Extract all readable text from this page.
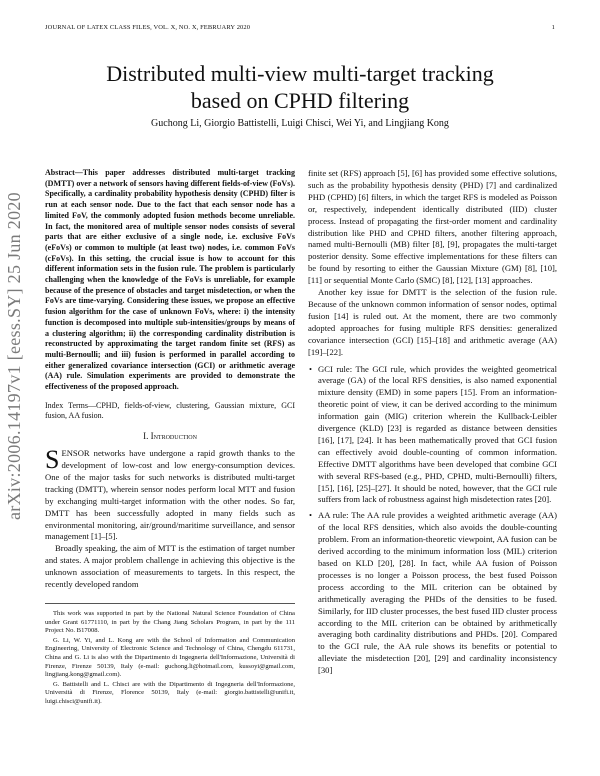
JOURNAL OF LATEX CLASS FILES, VOL. X, NO. X, FEBRUARY 2020	1
arXiv:2006.14197v1 [eess.SY] 25 Jun 2020
Distributed multi-view multi-target tracking
based on CPHD filtering
Guchong Li, Giorgio Battistelli, Luigi Chisci, Wei Yi, and Lingjiang Kong
Abstract—This paper addresses distributed multi-target tracking (DMTT) over a network of sensors having different fields-of-view (FoVs). Specifically, a cardinality probability hypothesis density (CPHD) filter is run at each sensor node. Due to the fact that each sensor node has a limited FoV, the commonly adopted fusion methods become unreliable. In fact, the monitored area of multiple sensor nodes consists of several parts that are either exclusive of a single node, i.e. exclusive FoVs (eFoVs) or common to multiple (at least two) nodes, i.e. common FoVs (cFoVs). In this setting, the crucial issue is how to account for this different information sets in the fusion rule. The problem is particularly challenging when the knowledge of the FoVs is unreliable, for example because of the presence of obstacles and target misdetection, or when the FoVs are time-varying. Considering these issues, we propose an effective fusion algorithm for the case of unknown FoVs, where: i) the intensity function is decomposed into multiple sub-intensities/groups by means of a clustering algorithm; ii) the corresponding cardinality distribution is reconstructed by approximating the target random finite set (RFS) as multi-Bernoulli; and iii) fusion is performed in parallel according to either generalized covariance intersection (GCI) or arithmetic average (AA) rule. Simulation experiments are provided to demonstrate the effectiveness of the proposed approach.
Index Terms—CPHD, fields-of-view, clustering, Gaussian mixture, GCI fusion, AA fusion.
I. Introduction

SENSOR networks have undergone a rapid growth thanks to the development of low-cost and low energy-consumption devices. One of the major tasks for such networks is distributed multi-target tracking (DMTT), wherein sensor nodes perform local MTT and fusion by exchanging multi-target information with the other nodes. So far, DMTT has been successfully adopted in many fields such as environmental monitoring, air/ground/maritime surveillance, and sensor management [1]–[5].

Broadly speaking, the aim of MTT is the estimation of target number and states. A major problem challenge in achieving this objective is the unknown association of measurements to targets. In this respect, the recently developed random

This work was supported in part by the National Natural Science Foundation of China under Grant 61771110, in part by the Chang Jiang Scholars Program, in part by the 111 Project No. B17008.

G. Li, W. Yi, and L. Kong are with the School of Information and Communication Engineering, University of Electronic Science and Technology of China, Chengdu 611731, China and G. Li is also with the Dipartimento di Ingegneria dell'Informazione, Università di Firenze, Firenze 50139, Italy (e-mail: guchong.li@hotmail.com, kussoyi@gmail.com, lingjiang.kong@gmail.com).

G. Battistelli and L. Chisci are with the Dipartimento di Ingegneria dell'Informazione, Università di Firenze, Florence 50139, Italy (e-mail: giorgio.battistelli@unifi.it, luigi.chisci@unifi.it).

finite set (RFS) approach [5], [6] has provided some effective solutions, such as the probability hypothesis density (PHD) [7] and cardinalized PHD (CPHD) [6] filters, in which the target RFS is modeled as Poisson or, respectively, independent identically distributed (IID) cluster process. Instead of propagating the first-order moment and cardinality distribution like PHD and CPHD filters, another filtering approach, named multi-Bernoulli (MB) filter [8], [9], propagates the multi-target posterior density. Some effective implementations for these filters can be found by resorting to either the Gaussian Mixture (GM) [8], [10], [11] or sequential Monte Carlo (SMC) [8], [12], [13] approaches.

Another key issue for DMTT is the selection of the fusion rule. Because of the unknown common information of sensor nodes, optimal fusion [14] is ruled out. At the moment, there are two commonly adopted approaches for fusing multiple RFS densities: generalized covariance intersection (GCI) [15]–[18] and arithmetic average (AA) [19]–[22].

• GCI rule: The GCI rule, which provides the weighted geometrical average (GA) of the local RFS densities, is also named exponential mixture density (EMD) in some papers [15]. From an information-theoretic point of view, it can be derived according to the minimum information gain (MIG) criterion wherein the Kullback-Leibler divergence (KLD) [23] is regarded as distance between densities [16], [17], [24]. It has been mathematically proved that GCI fusion can effectively avoid double-counting of common information. Effective DMTT algorithms have been developed that combine GCI with several RFS-based (e.g., PHD, CPHD, multi-Bernoulli) filters, [15], [16], [25]–[27]. It should be noted, however, that the GCI rule suffers from lack of robustness against high misdetection rates [20].
• AA rule: The AA rule provides a weighted arithmetic average (AA) of the local RFS densities, which also avoids the double-counting problem. From an information-theoretic viewpoint, AA fusion can be derived according to the minimum information loss (MIL) criterion based on KLD [20], [28]. In fact, while AA fusion of Poisson processes is no longer a Poisson process, the best fused Poisson process according to the MIL criterion can be obtained by arithmetically averaging the PHDs of the densities to be fused. Similarly, for IID cluster processes, the best fused IID cluster process according to the MIL criterion can be obtained by arithmetically averaging both cardinality distributions and PHDs. [20]. Compared to the GCI rule, the AA rule shows its benefits or potential to alleviate the misdetection [20], [29] and cardinality inconsistency [30]
